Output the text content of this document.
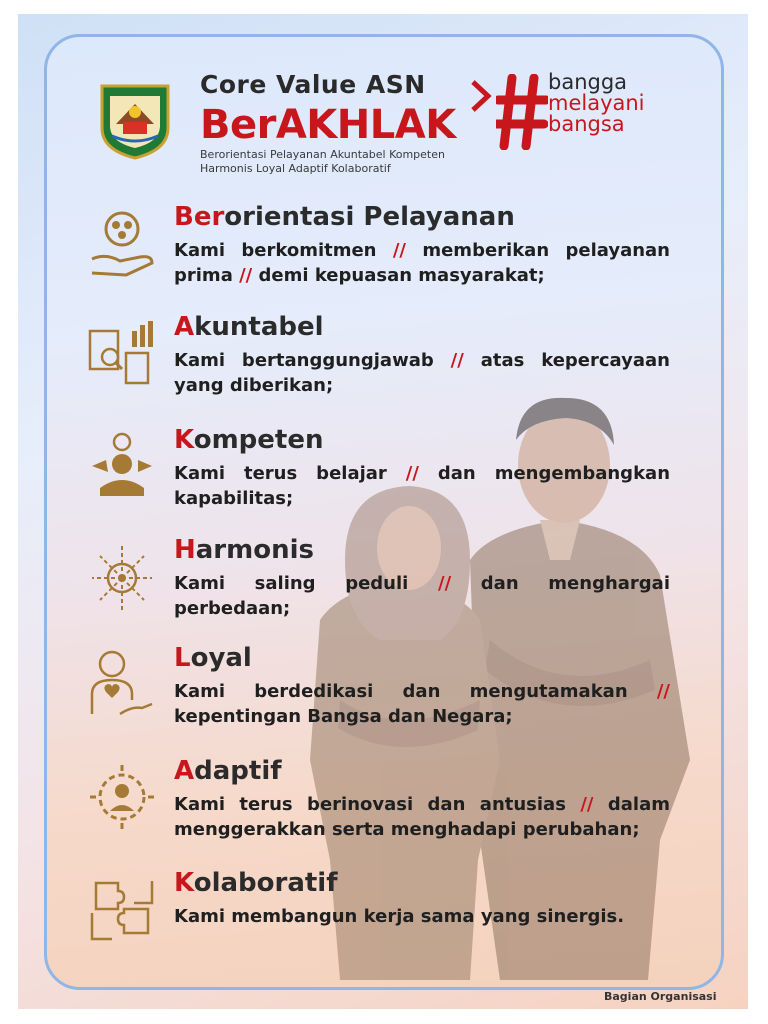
Core Value ASN
BerAKHLAK
Berorientasi Pelayanan Akuntabel Kompeten
Harmonis Loyal Adaptif Kolaboratif
bangga
melayani
bangsa
Berorientasi Pelayanan
Kami berkomitmen // memberikan pelayanan
prima // demi kepuasan masyarakat;
Akuntabel
Kami bertanggungjawab // atas kepercayaan
yang diberikan;
Kompeten
Kami terus belajar // dan mengembangkan
kapabilitas;
Harmonis
Kami saling peduli // dan menghargai
perbedaan;
Loyal
Kami berdedikasi dan mengutamakan //
kepentingan Bangsa dan Negara;
Adaptif
Kami terus berinovasi dan antusias // dalam
menggerakkan serta menghadapi perubahan;
Kolaboratif
Kami membangun kerja sama yang sinergis.
Bagian Organisasi
